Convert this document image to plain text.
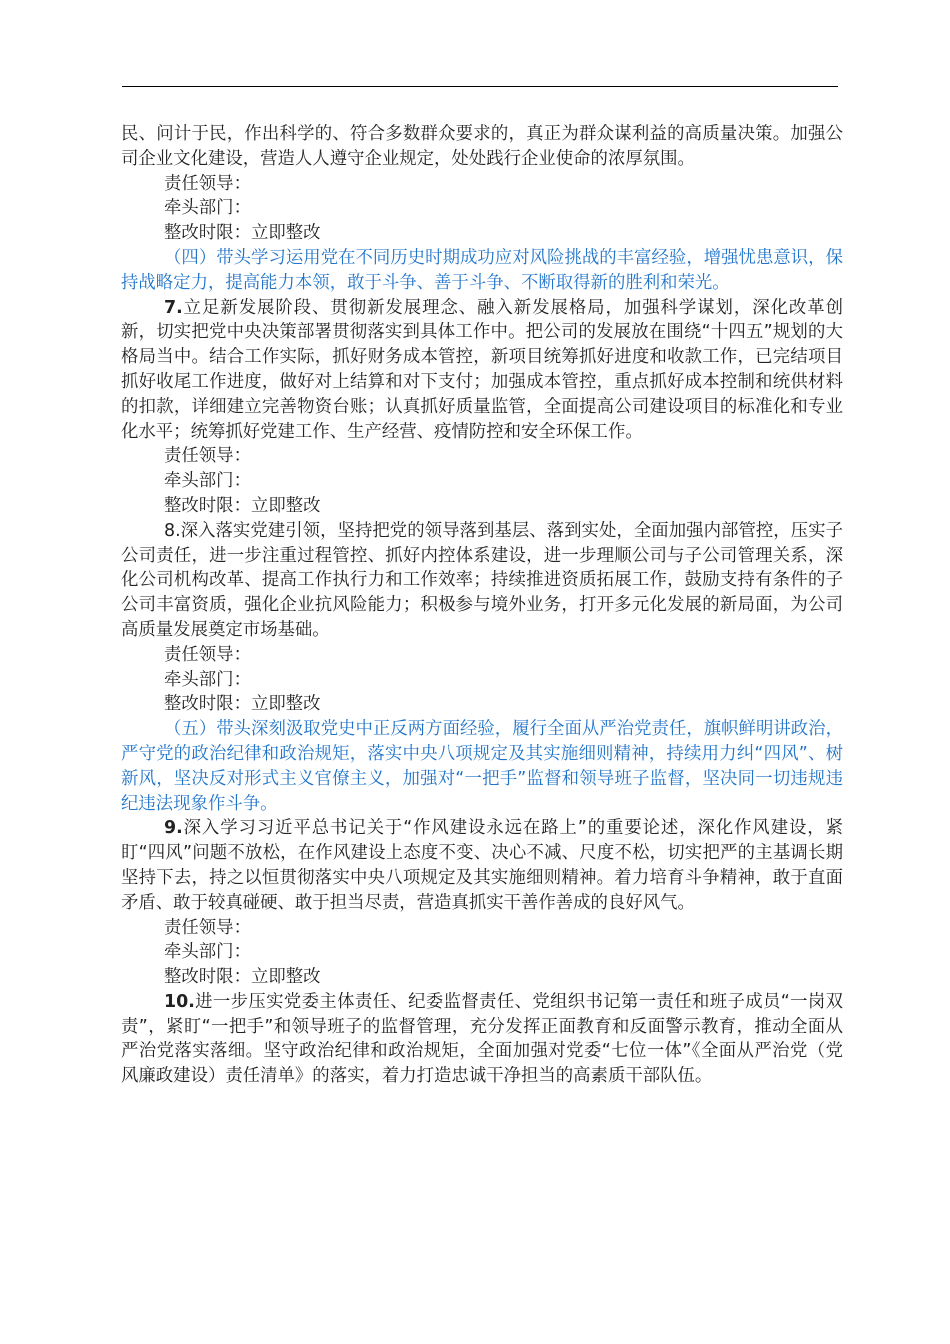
民、问计于民，作出科学的、符合多数群众要求的，真正为群众谋利益的高质量决策。加强公司企业文化建设，营造人人遵守企业规定，处处践行企业使命的浓厚氛围。

责任领导：

牵头部门：

整改时限：立即整改

（四）带头学习运用党在不同历史时期成功应对风险挑战的丰富经验，增强忧患意识，保持战略定力，提高能力本领，敢于斗争、善于斗争、不断取得新的胜利和荣光。

7.立足新发展阶段、贯彻新发展理念、融入新发展格局，加强科学谋划，深化改革创新，切实把党中央决策部署贯彻落实到具体工作中。把公司的发展放在围绕“十四五”规划的大格局当中。结合工作实际，抓好财务成本管控，新项目统筹抓好进度和收款工作，已完结项目抓好收尾工作进度，做好对上结算和对下支付；加强成本管控，重点抓好成本控制和统供材料的扣款，详细建立完善物资台账；认真抓好质量监管，全面提高公司建设项目的标准化和专业化水平；统筹抓好党建工作、生产经营、疫情防控和安全环保工作。

责任领导：

牵头部门：

整改时限：立即整改

8.深入落实党建引领，坚持把党的领导落到基层、落到实处，全面加强内部管控，压实子公司责任，进一步注重过程管控、抓好内控体系建设，进一步理顺公司与子公司管理关系，深化公司机构改革、提高工作执行力和工作效率；持续推进资质拓展工作，鼓励支持有条件的子公司丰富资质，强化企业抗风险能力；积极参与境外业务，打开多元化发展的新局面，为公司高质量发展奠定市场基础。

责任领导：

牵头部门：

整改时限：立即整改

（五）带头深刻汲取党史中正反两方面经验，履行全面从严治党责任，旗帜鲜明讲政治，严守党的政治纪律和政治规矩，落实中央八项规定及其实施细则精神，持续用力纠“四风”、树新风，坚决反对形式主义官僚主义，加强对“一把手”监督和领导班子监督，坚决同一切违规违纪违法现象作斗争。

9.深入学习习近平总书记关于“作风建设永远在路上”的重要论述，深化作风建设，紧盯“四风”问题不放松，在作风建设上态度不变、决心不减、尺度不松，切实把严的主基调长期坚持下去，持之以恒贯彻落实中央八项规定及其实施细则精神。着力培育斗争精神，敢于直面矛盾、敢于较真碰硬、敢于担当尽责，营造真抓实干善作善成的良好风气。

责任领导：

牵头部门：

整改时限：立即整改

10.进一步压实党委主体责任、纪委监督责任、党组织书记第一责任和班子成员“一岗双责”，紧盯“一把手”和领导班子的监督管理，充分发挥正面教育和反面警示教育，推动全面从严治党落实落细。坚守政治纪律和政治规矩，全面加强对党委“七位一体”《全面从严治党（党风廉政建设）责任清单》的落实，着力打造忠诚干净担当的高素质干部队伍。
